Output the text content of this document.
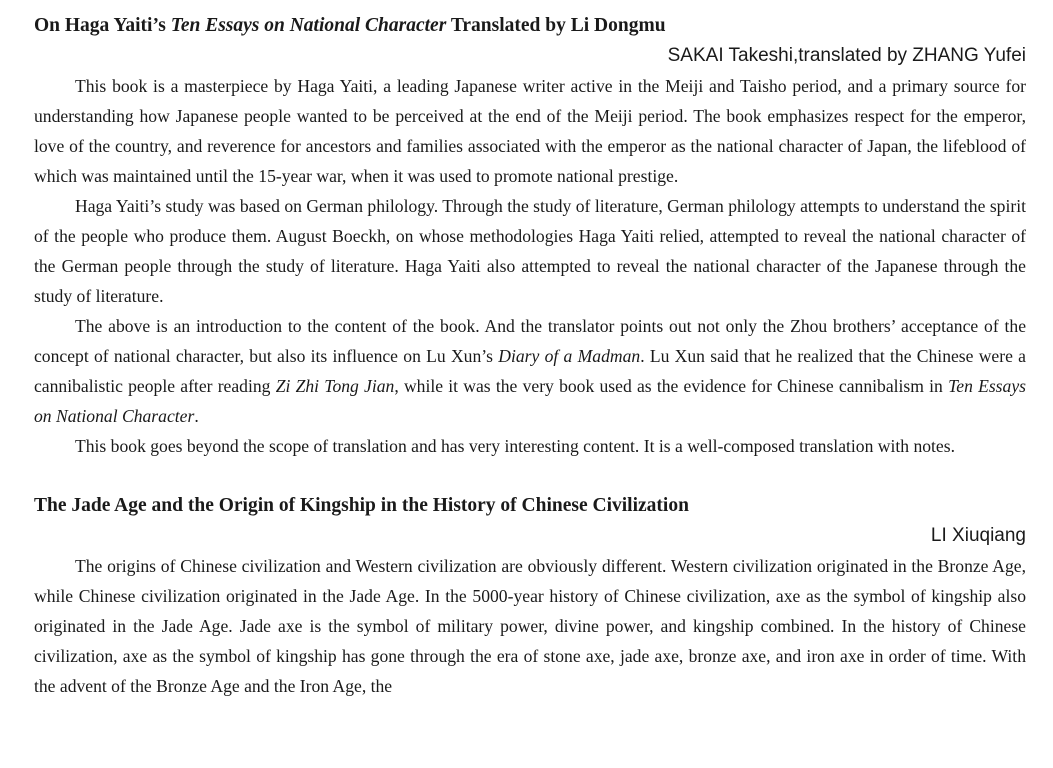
On Haga Yaiti’s Ten Essays on National Character Translated by Li Dongmu
SAKAI Takeshi,translated by ZHANG Yufei

This book is a masterpiece by Haga Yaiti, a leading Japanese writer active in the Meiji and Taisho period, and a primary source for understanding how Japanese people wanted to be perceived at the end of the Meiji period. The book emphasizes respect for the emperor, love of the country, and reverence for ancestors and families associated with the emperor as the national character of Japan, the lifeblood of which was maintained until the 15-year war, when it was used to promote national prestige.

Haga Yaiti’s study was based on German philology. Through the study of literature, German philology attempts to understand the spirit of the people who produce them. August Boeckh, on whose methodologies Haga Yaiti relied, attempted to reveal the national character of the German people through the study of literature. Haga Yaiti also attempted to reveal the national character of the Japanese through the study of literature.

The above is an introduction to the content of the book. And the translator points out not only the Zhou brothers’ acceptance of the concept of national character, but also its influence on Lu Xun’s Diary of a Madman. Lu Xun said that he realized that the Chinese were a cannibalistic people after reading Zi Zhi Tong Jian, while it was the very book used as the evidence for Chinese cannibalism in Ten Essays on National Character.

This book goes beyond the scope of translation and has very interesting content. It is a well-composed translation with notes.

The Jade Age and the Origin of Kingship in the History of Chinese Civilization
LI Xiuqiang

The origins of Chinese civilization and Western civilization are obviously different. Western civilization originated in the Bronze Age, while Chinese civilization originated in the Jade Age. In the 5000-year history of Chinese civilization, axe as the symbol of kingship also originated in the Jade Age. Jade axe is the symbol of military power, divine power, and kingship combined. In the history of Chinese civilization, axe as the symbol of kingship has gone through the era of stone axe, jade axe, bronze axe, and iron axe in order of time. With the advent of the Bronze Age and the Iron Age, the
